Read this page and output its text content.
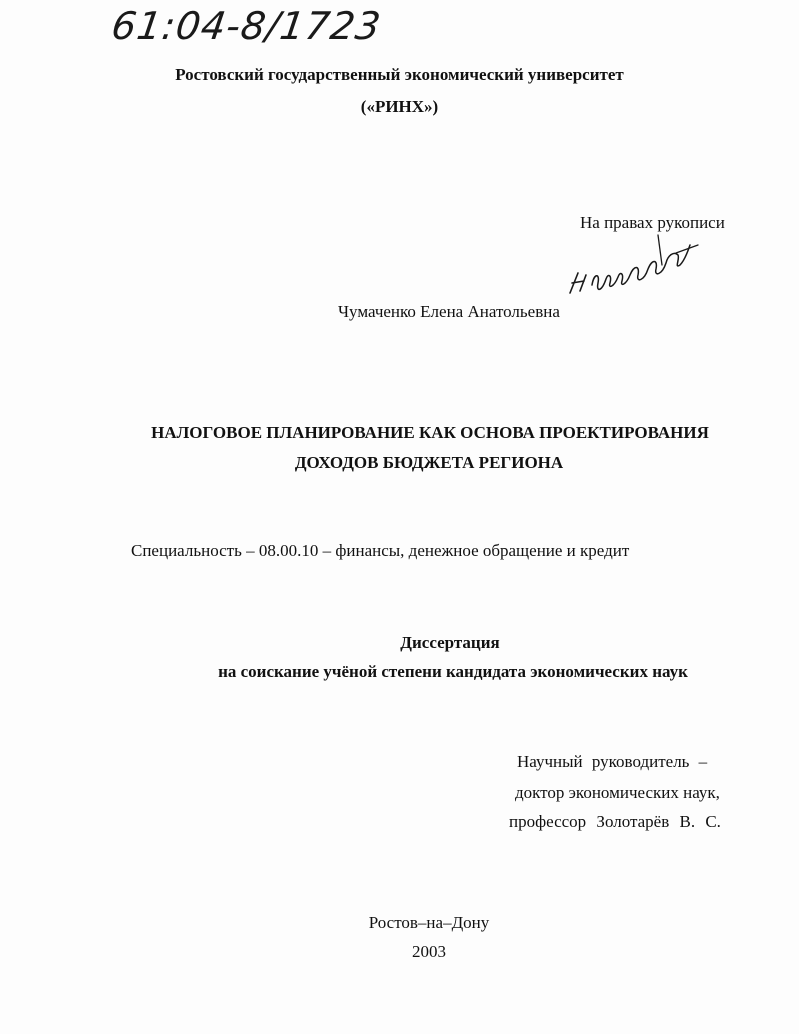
61:04-8/1723
Ростовский государственный экономический университет
(«РИНХ»)
На правах рукописи
Чумаченко Елена Анатольевна
НАЛОГОВОЕ ПЛАНИРОВАНИЕ КАК ОСНОВА ПРОЕКТИРОВАНИЯ
ДОХОДОВ БЮДЖЕТА РЕГИОНА
Специальность – 08.00.10 – финансы, денежное обращение и кредит
Диссертация
на соискание учёной степени кандидата экономических наук
Научный руководитель –
доктор экономических наук,
профессор Золотарёв В. С.
Ростов–на–Дону
2003
